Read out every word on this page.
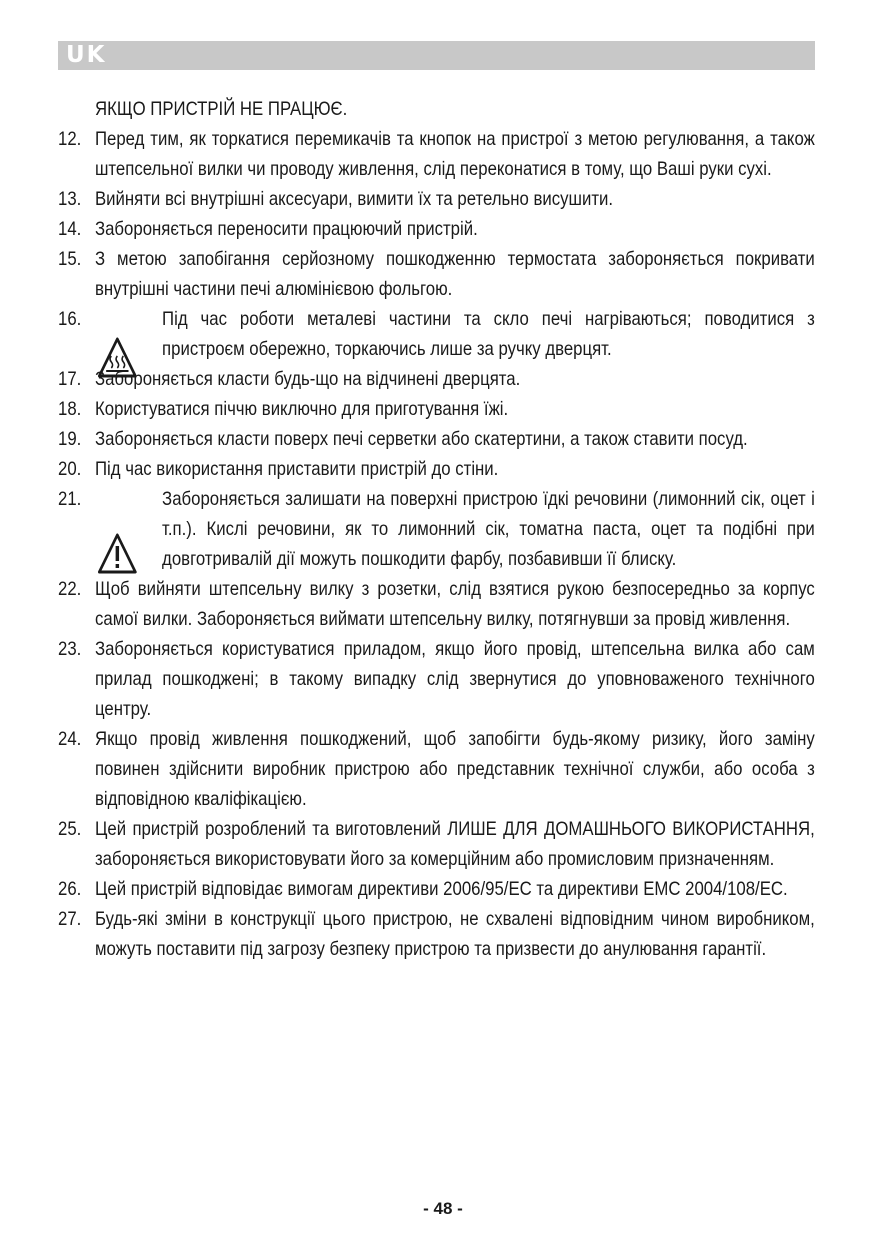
UK
ЯКЩО ПРИСТРІЙ НЕ ПРАЦЮЄ.
12. Перед тим, як торкатися перемикачів та кнопок на пристрої з метою регулювання, а також штепсельної вилки чи проводу живлення, слід переконатися в тому, що Ваші руки сухі.
13. Вийняти всі внутрішні аксесуари, вимити їх та ретельно висушити.
14. Забороняється переносити працюючий пристрій.
15. З метою запобігання серйозному пошкодженню термостата забороняється покривати внутрішні частини печі алюмінієвою фольгою.
16.	Під час роботи металеві частини та скло печі нагріваються; поводитися з пристроєм обережно, торкаючись лише за ручку дверцят.
17. Забороняється класти будь-що на відчинені дверцята.
18. Користуватися піччю виключно для приготування їжі.
19. Забороняється класти поверх печі серветки або скатертини, а також ставити посуд.
20. Під час використання приставити пристрій до стіни.
21.	Забороняється залишати на поверхні пристрою їдкі речовини (лимонний сік, оцет і т.п.). Кислі речовини, як то лимонний сік, томатна паста, оцет та подібні при довготривалій дії можуть пошкодити фарбу, позбавивши її блиску.
22. Щоб вийняти штепсельну вилку з розетки, слід взятися рукою безпосередньо за корпус самої вилки. Забороняється виймати штепсельну вилку, потягнувши за провід живлення.
23. Забороняється користуватися приладом, якщо його провід, штепсельна вилка або сам прилад пошкоджені; в такому випадку слід звернутися до уповноваженого технічного центру.
24. Якщо провід живлення пошкоджений, щоб запобігти будь-якому ризику, його заміну повинен здійснити виробник пристрою або представник технічної служби, або особа з відповідною кваліфікацією.
25. Цей пристрій розроблений та виготовлений ЛИШЕ ДЛЯ ДОМАШНЬОГО ВИКОРИСТАННЯ, забороняється використовувати його за комерційним або промисловим призначенням.
26. Цей пристрій відповідає вимогам директиви 2006/95/ЕС та директиви ЕМС 2004/108/ЕС.
27. Будь-які зміни в конструкції цього пристрою, не схвалені відповідним чином виробником, можуть поставити під загрозу безпеку пристрою та призвести до анулювання гарантії.
- 48 -
